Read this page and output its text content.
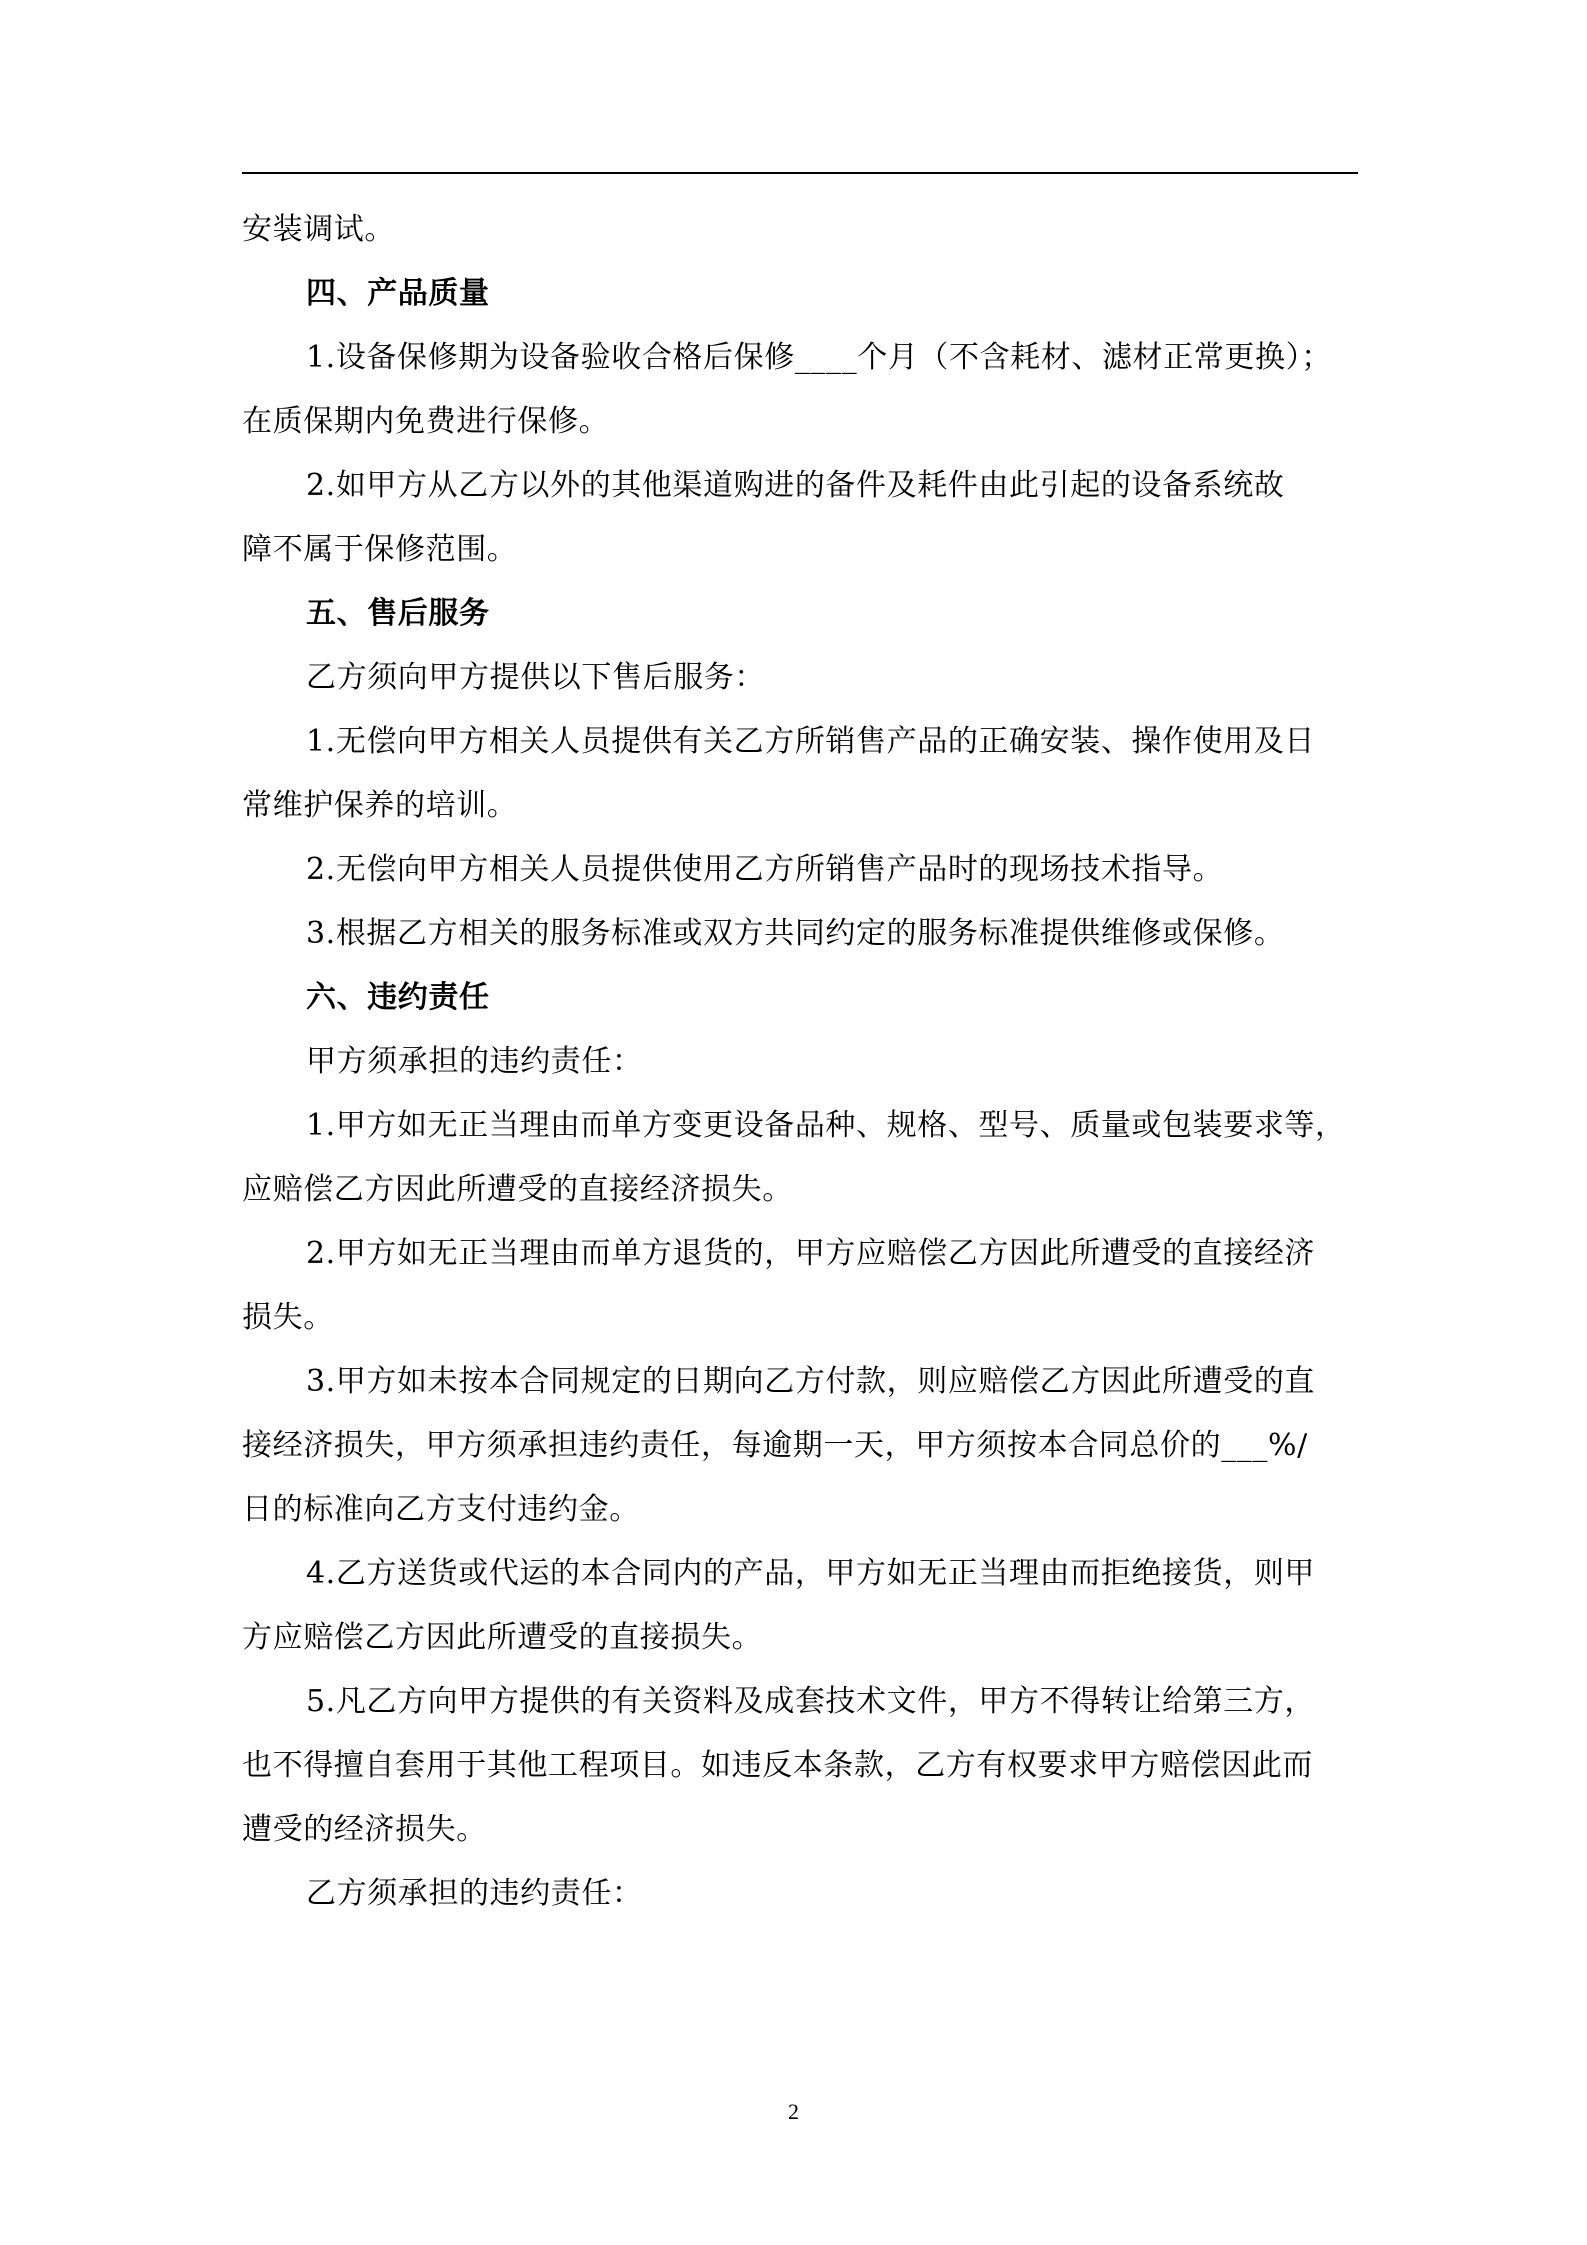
安装调试。

四、产品质量

1.设备保修期为设备验收合格后保修____个月（不含耗材、滤材正常更换）；

在质保期内免费进行保修。

2.如甲方从乙方以外的其他渠道购进的备件及耗件由此引起的设备系统故

障不属于保修范围。

五、售后服务

乙方须向甲方提供以下售后服务：

1.无偿向甲方相关人员提供有关乙方所销售产品的正确安装、操作使用及日

常维护保养的培训。

2.无偿向甲方相关人员提供使用乙方所销售产品时的现场技术指导。

3.根据乙方相关的服务标准或双方共同约定的服务标准提供维修或保修。

六、违约责任

甲方须承担的违约责任：

1.甲方如无正当理由而单方变更设备品种、规格、型号、质量或包装要求等，

应赔偿乙方因此所遭受的直接经济损失。

2.甲方如无正当理由而单方退货的，甲方应赔偿乙方因此所遭受的直接经济

损失。

3.甲方如未按本合同规定的日期向乙方付款，则应赔偿乙方因此所遭受的直

接经济损失，甲方须承担违约责任，每逾期一天，甲方须按本合同总价的___%/

日的标准向乙方支付违约金。

4.乙方送货或代运的本合同内的产品，甲方如无正当理由而拒绝接货，则甲

方应赔偿乙方因此所遭受的直接损失。

5.凡乙方向甲方提供的有关资料及成套技术文件，甲方不得转让给第三方，

也不得擅自套用于其他工程项目。如违反本条款，乙方有权要求甲方赔偿因此而

遭受的经济损失。

乙方须承担的违约责任：

2
